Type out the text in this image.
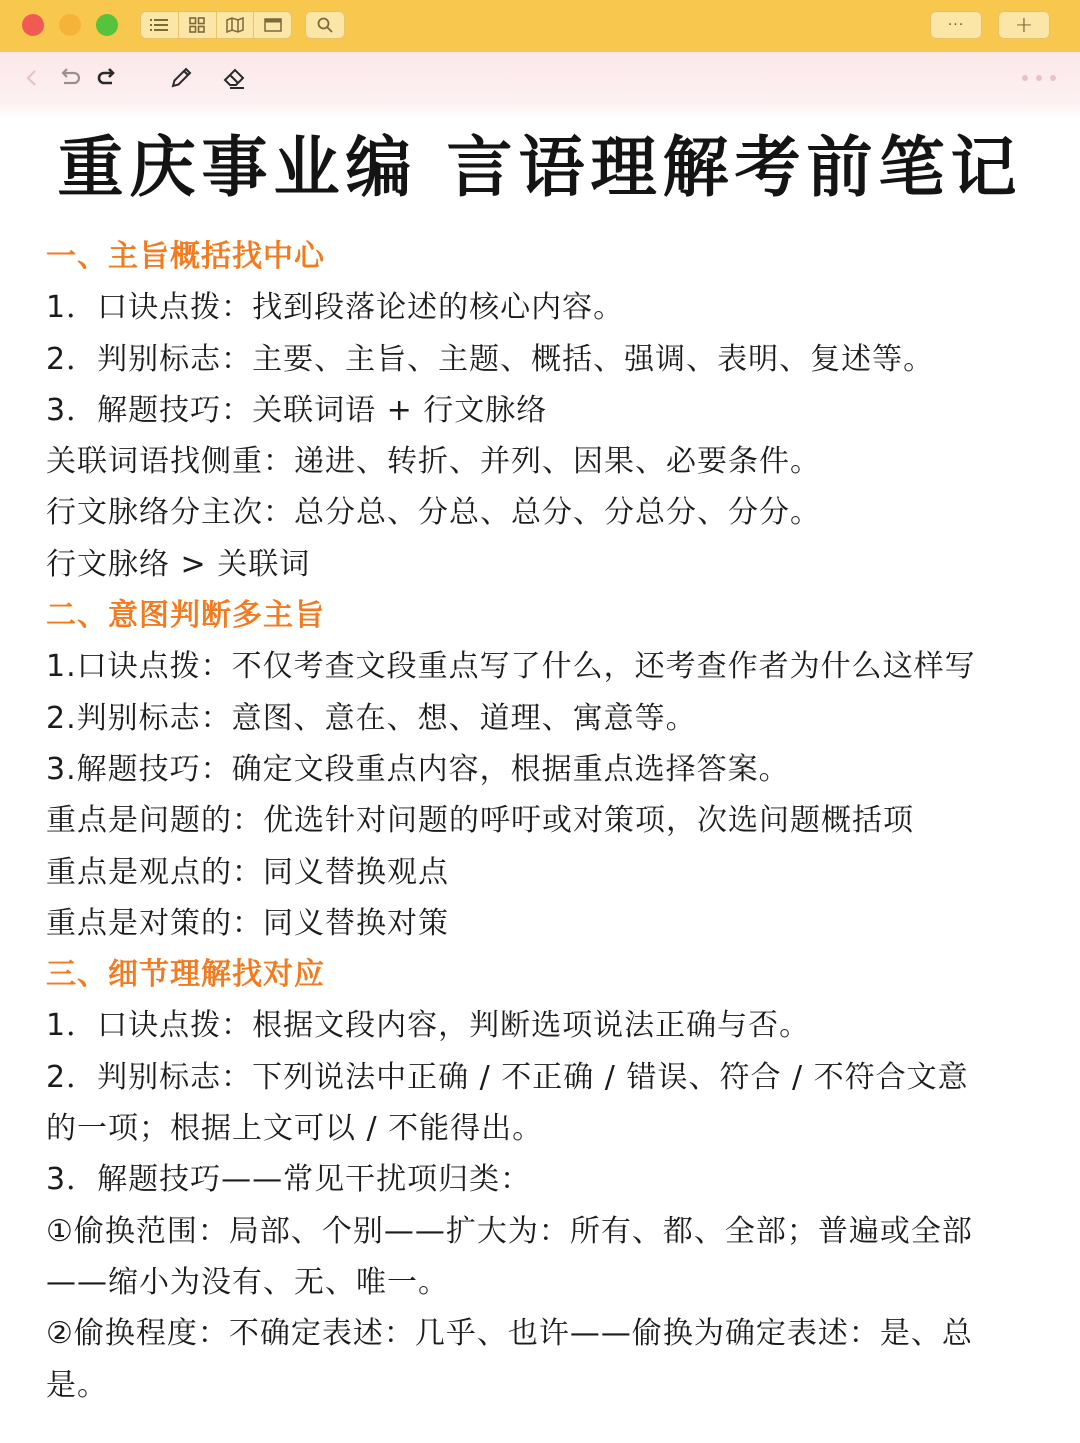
···	+
重庆事业编 言语理解考前笔记
一、主旨概括找中心
1．口诀点拨：找到段落论述的核心内容。
2．判别标志：主要、主旨、主题、概括、强调、表明、复述等。
3．解题技巧：关联词语 + 行文脉络
关联词语找侧重：递进、转折、并列、因果、必要条件。
行文脉络分主次：总分总、分总、总分、分总分、分分。
行文脉络 > 关联词
二、意图判断多主旨
1.口诀点拨：不仅考查文段重点写了什么，还考查作者为什么这样写
2.判别标志：意图、意在、想、道理、寓意等。
3.解题技巧：确定文段重点内容，根据重点选择答案。
重点是问题的：优选针对问题的呼吁或对策项，次选问题概括项
重点是观点的：同义替换观点
重点是对策的：同义替换对策
三、细节理解找对应
1．口诀点拨：根据文段内容，判断选项说法正确与否。
2．判别标志：下列说法中正确 / 不正确 / 错误、符合 / 不符合文意
的一项；根据上文可以 / 不能得出。
3．解题技巧——常见干扰项归类：
①偷换范围：局部、个别——扩大为：所有、都、全部；普遍或全部
——缩小为没有、无、唯一。
②偷换程度：不确定表述：几乎、也许——偷换为确定表述：是、总
是。
